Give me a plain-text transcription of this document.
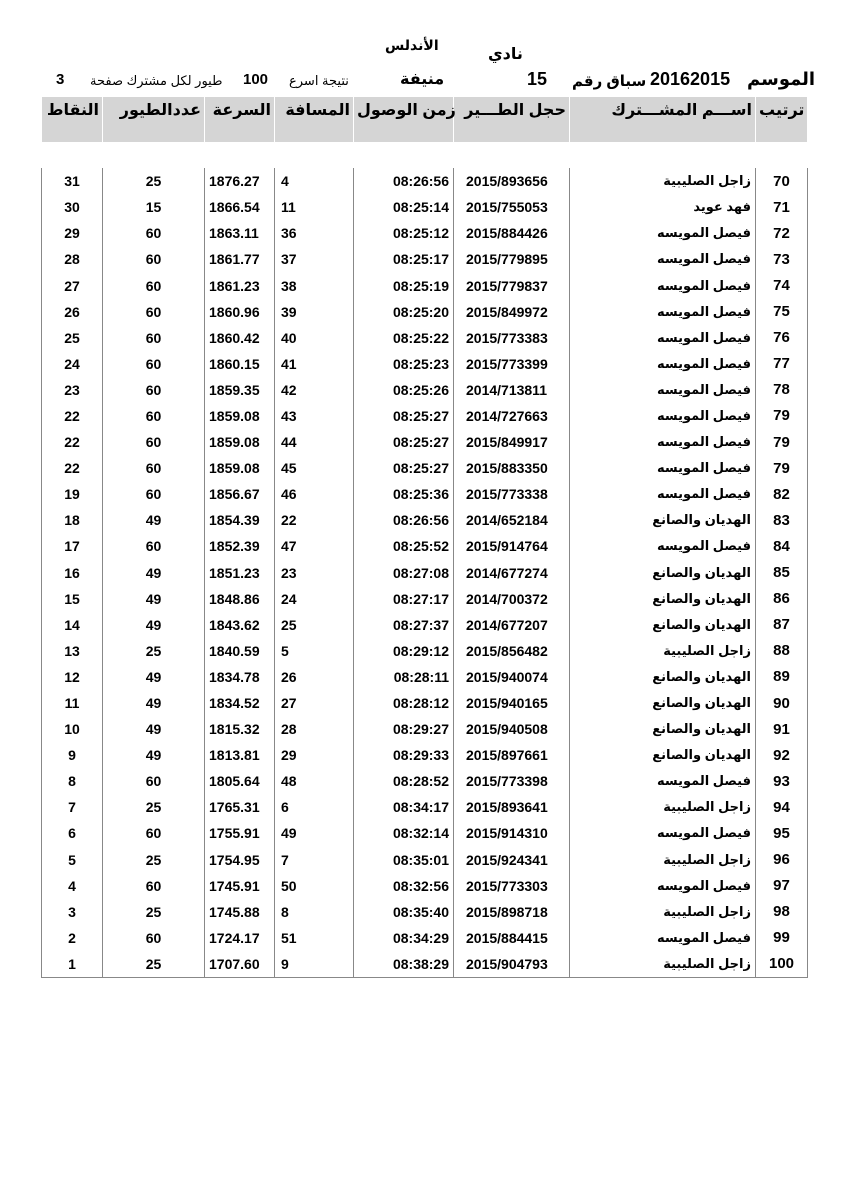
نادي
الأندلس
الموسم
20162015
سباق رقم
15
منيفة
نتيجة اسرع
100
طيور لكل مشترك صفحة
3
النقاط	عددالطيور	السرعة	المسافة	زمن الوصول	حجل الطـــير	اســـم المشـــترك	ترتيب

31	25	1876.27	4	08:26:56	2015/893656	زاجل الصليبية	70
30	15	1866.54	11	08:25:14	2015/755053	فهد عويد	71
29	60	1863.11	36	08:25:12	2015/884426	فيصل المويسه	72
28	60	1861.77	37	08:25:17	2015/779895	فيصل المويسه	73
27	60	1861.23	38	08:25:19	2015/779837	فيصل المويسه	74
26	60	1860.96	39	08:25:20	2015/849972	فيصل المويسه	75
25	60	1860.42	40	08:25:22	2015/773383	فيصل المويسه	76
24	60	1860.15	41	08:25:23	2015/773399	فيصل المويسه	77
23	60	1859.35	42	08:25:26	2014/713811	فيصل المويسه	78
22	60	1859.08	43	08:25:27	2014/727663	فيصل المويسه	79
22	60	1859.08	44	08:25:27	2015/849917	فيصل المويسه	79
22	60	1859.08	45	08:25:27	2015/883350	فيصل المويسه	79
19	60	1856.67	46	08:25:36	2015/773338	فيصل المويسه	82
18	49	1854.39	22	08:26:56	2014/652184	الهديان والصانع	83
17	60	1852.39	47	08:25:52	2015/914764	فيصل المويسه	84
16	49	1851.23	23	08:27:08	2014/677274	الهديان والصانع	85
15	49	1848.86	24	08:27:17	2014/700372	الهديان والصانع	86
14	49	1843.62	25	08:27:37	2014/677207	الهديان والصانع	87
13	25	1840.59	5	08:29:12	2015/856482	زاجل الصليبية	88
12	49	1834.78	26	08:28:11	2015/940074	الهديان والصانع	89
11	49	1834.52	27	08:28:12	2015/940165	الهديان والصانع	90
10	49	1815.32	28	08:29:27	2015/940508	الهديان والصانع	91
9	49	1813.81	29	08:29:33	2015/897661	الهديان والصانع	92
8	60	1805.64	48	08:28:52	2015/773398	فيصل المويسه	93
7	25	1765.31	6	08:34:17	2015/893641	زاجل الصليبية	94
6	60	1755.91	49	08:32:14	2015/914310	فيصل المويسه	95
5	25	1754.95	7	08:35:01	2015/924341	زاجل الصليبية	96
4	60	1745.91	50	08:32:56	2015/773303	فيصل المويسه	97
3	25	1745.88	8	08:35:40	2015/898718	زاجل الصليبية	98
2	60	1724.17	51	08:34:29	2015/884415	فيصل المويسه	99
1	25	1707.60	9	08:38:29	2015/904793	زاجل الصليبية	100
